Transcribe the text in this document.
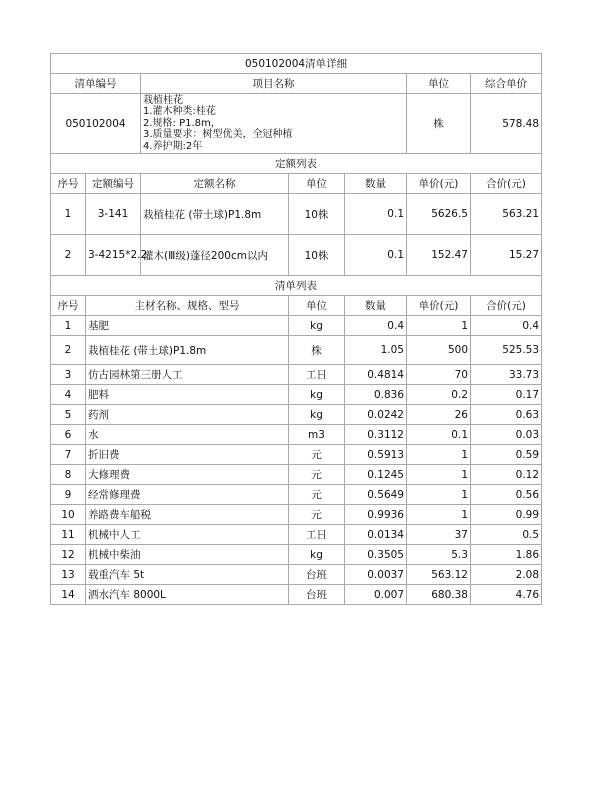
050102004清单详细						
清单编号		项目名称			单位	综合单价
050102004		栽植桂花
1.灌木种类:桂花
2.规格: P1.8m，
3.质量要求：树型优美，全冠种植
4.养护期:2年			株	578.48
定额列表						
序号	定额编号	定额名称	单位	数量	单价(元)	合价(元)
1	3-141	栽植桂花 (带土球)P1.8m	10株	0.1	5626.5	563.21
2	3-4215*2.2	灌木(Ⅲ级)蓬径200cm以内	10株	0.1	152.47	15.27
清单列表						
序号	主材名称、规格、型号		单位	数量	单价(元)	合价(元)
1	基肥		kg	0.4	1	0.4
2	栽植桂花 (带土球)P1.8m		株	1.05	500	525.53
3	仿古园林第三册人工		工日	0.4814	70	33.73
4	肥料		kg	0.836	0.2	0.17
5	药剂		kg	0.0242	26	0.63
6	水		m3	0.3112	0.1	0.03
7	折旧费		元	0.5913	1	0.59
8	大修理费		元	0.1245	1	0.12
9	经常修理费		元	0.5649	1	0.56
10	养路费车船税		元	0.9936	1	0.99
11	机械中人工		工日	0.0134	37	0.5
12	机械中柴油		kg	0.3505	5.3	1.86
13	载重汽车 5t		台班	0.0037	563.12	2.08
14	洒水汽车 8000L		台班	0.007	680.38	4.76
